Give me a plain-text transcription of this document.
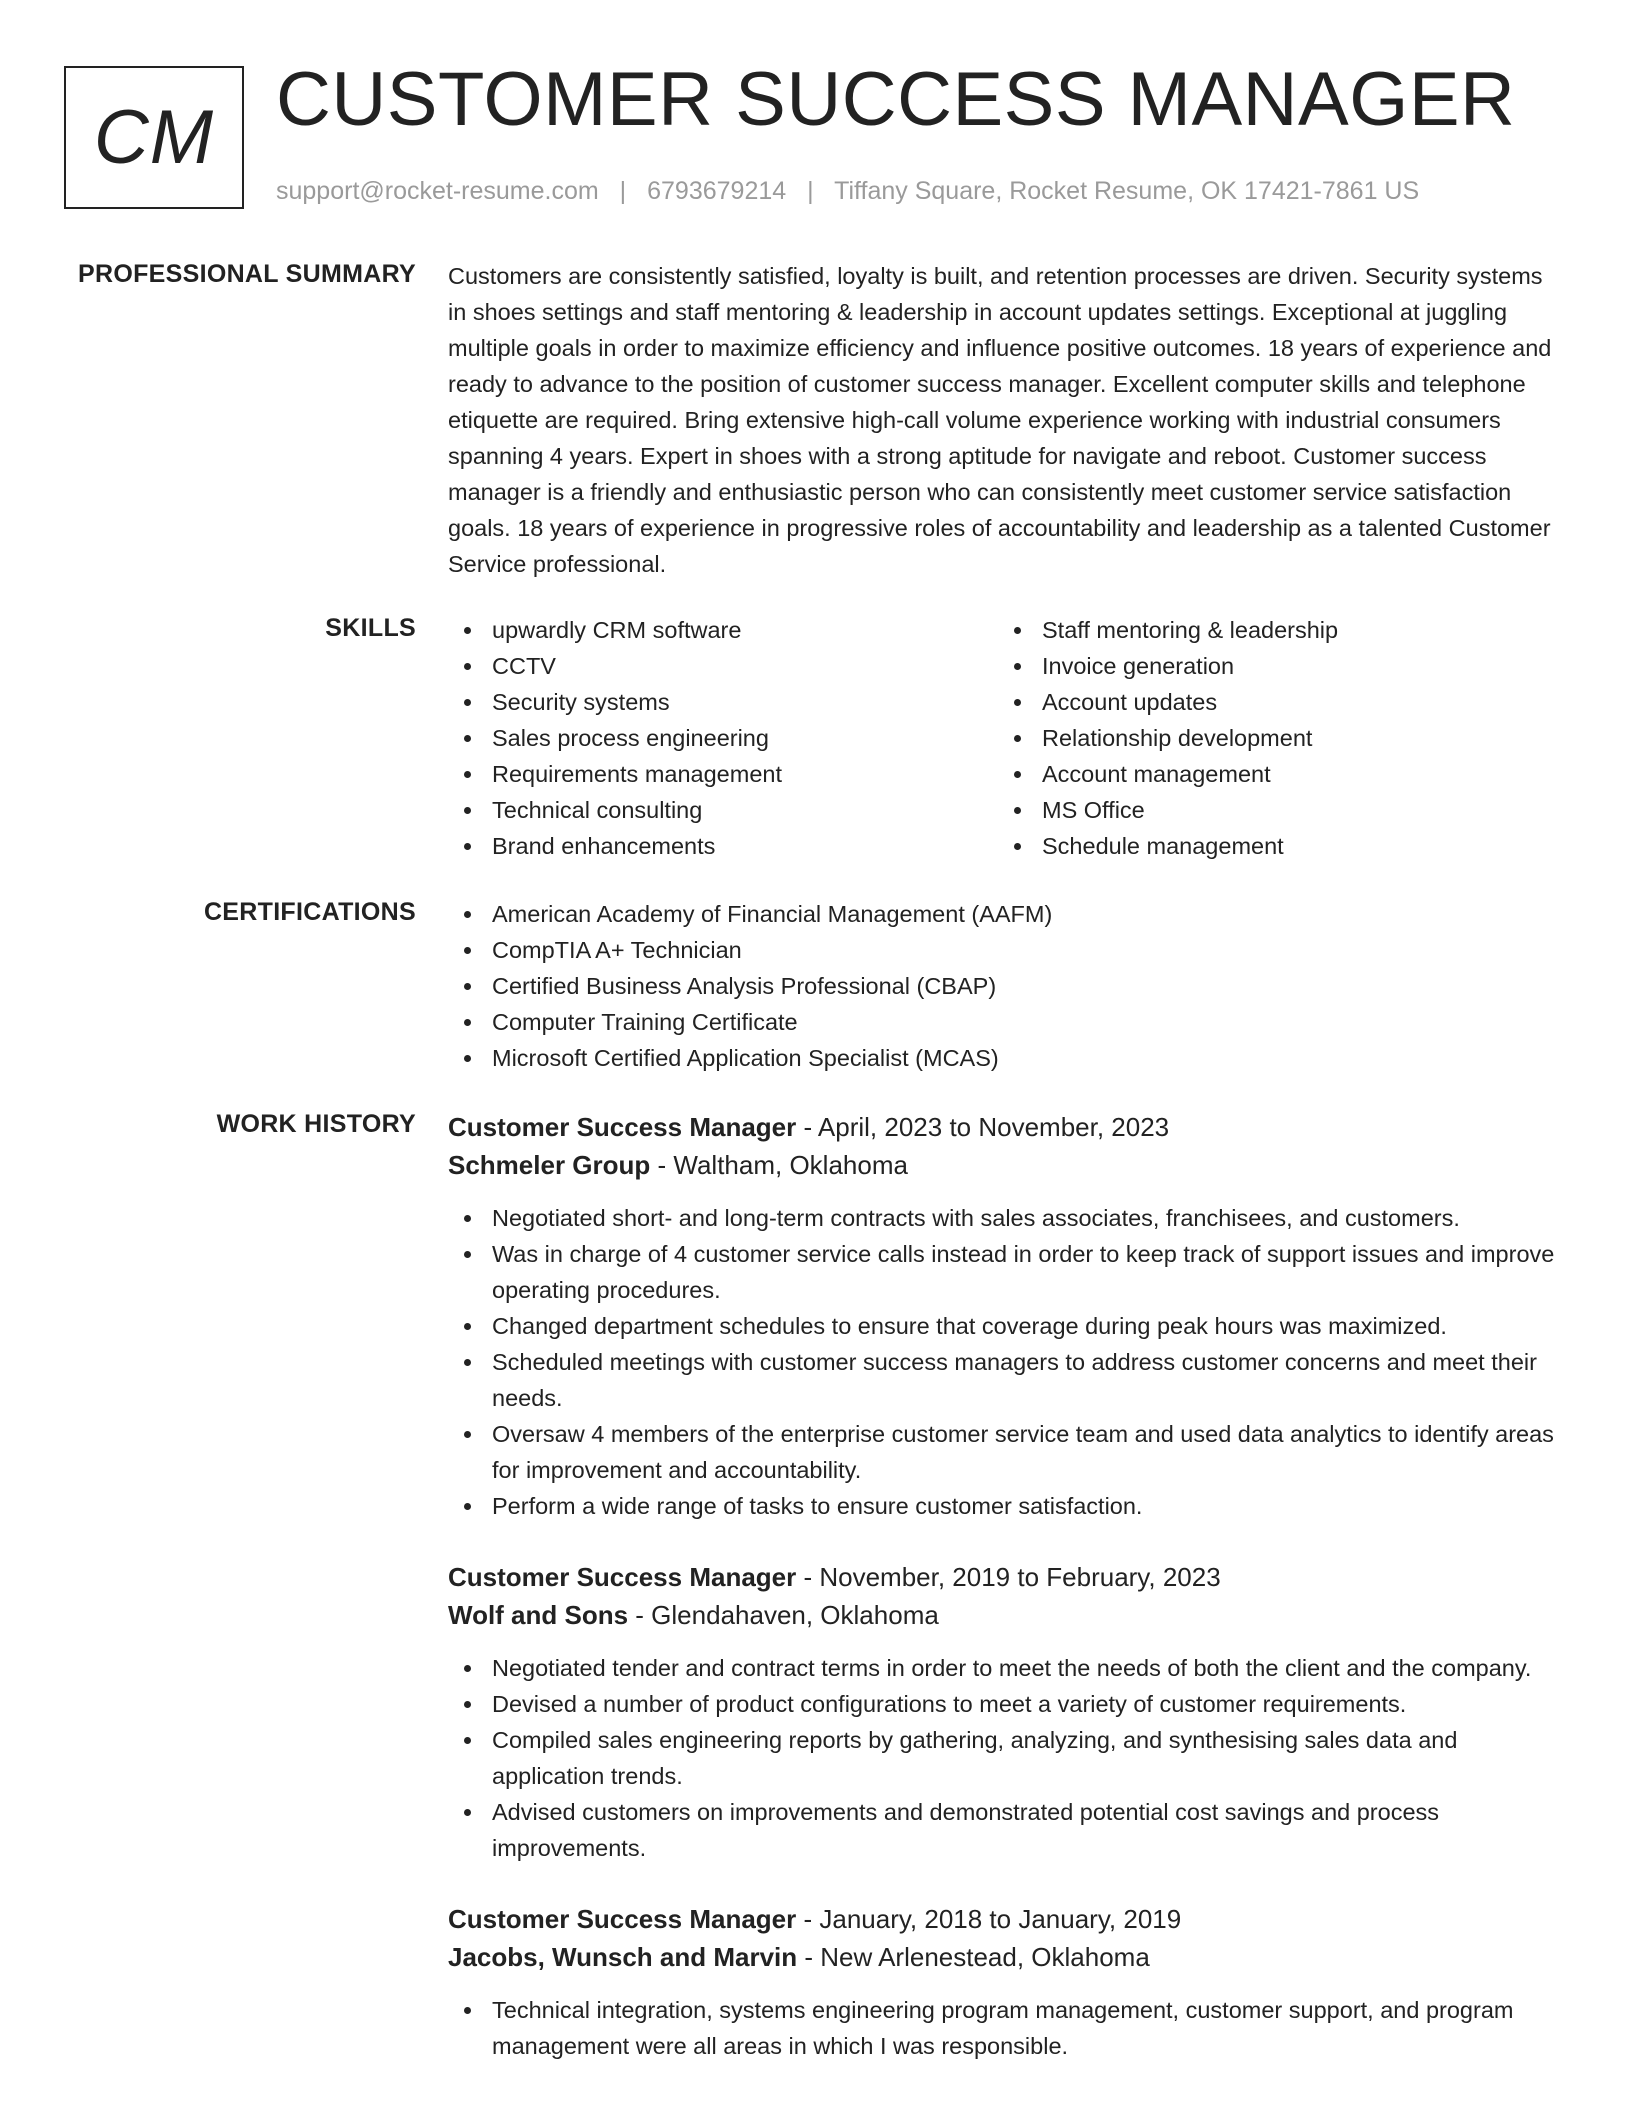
CM CUSTOMER SUCCESS MANAGER
support@rocket-resume.com | 6793679214 | Tiffany Square, Rocket Resume, OK 17421-7861 US
PROFESSIONAL SUMMARY Customers are consistently satisfied, loyalty is built, and retention processes are driven. Security systems in shoes settings and staff mentoring & leadership in account updates settings. Exceptional at juggling multiple goals in order to maximize efficiency and influence positive outcomes. 18 years of experience and ready to advance to the position of customer success manager. Excellent computer skills and telephone etiquette are required. Bring extensive high-call volume experience working with industrial consumers spanning 4 years. Expert in shoes with a strong aptitude for navigate and reboot. Customer success manager is a friendly and enthusiastic person who can consistently meet customer service satisfaction goals. 18 years of experience in progressive roles of accountability and leadership as a talented Customer Service professional.

SKILLS	upwardly CRM software
CCTV
Security systems
Sales process engineering
Requirements management
Technical consulting
Brand enhancements
Staff mentoring & leadership
Invoice generation
Account updates
Relationship development
Account management
MS Office
Schedule management
CERTIFICATIONS	American Academy of Financial Management (AAFM)
CompTIA A+ Technician
Certified Business Analysis Professional (CBAP)
Computer Training Certificate
Microsoft Certified Application Specialist (MCAS)
WORK HISTORY Customer Success Manager - April, 2023 to November, 2023
Schmeler Group - Waltham, Oklahoma
Negotiated short- and long-term contracts with sales associates, franchisees, and customers.
Was in charge of 4 customer service calls instead in order to keep track of support issues and improve operating procedures.
Changed department schedules to ensure that coverage during peak hours was maximized.
Scheduled meetings with customer success managers to address customer concerns and meet their needs.
Oversaw 4 members of the enterprise customer service team and used data analytics to identify areas for improvement and accountability.
Perform a wide range of tasks to ensure customer satisfaction.
Customer Success Manager - November, 2019 to February, 2023
Wolf and Sons - Glendahaven, Oklahoma
Negotiated tender and contract terms in order to meet the needs of both the client and the company.
Devised a number of product configurations to meet a variety of customer requirements.
Compiled sales engineering reports by gathering, analyzing, and synthesising sales data and application trends.
Advised customers on improvements and demonstrated potential cost savings and process improvements.
Customer Success Manager - January, 2018 to January, 2019
Jacobs, Wunsch and Marvin - New Arlenestead, Oklahoma
Technical integration, systems engineering program management, customer support, and program management were all areas in which I was responsible.
